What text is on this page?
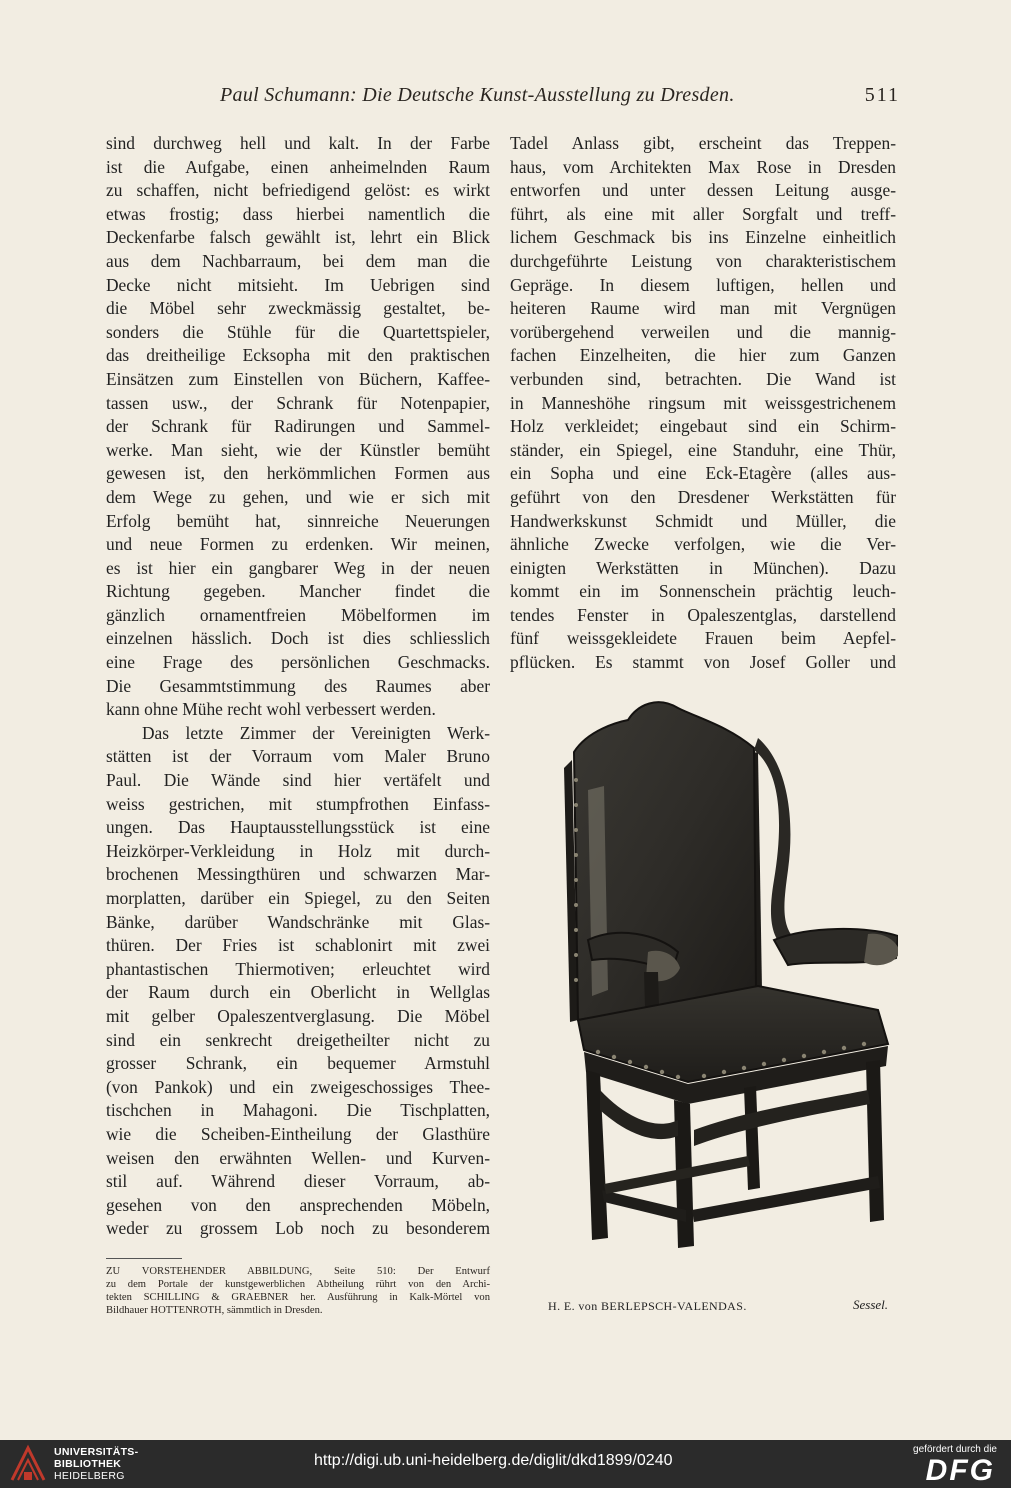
Paul Schumann: Die Deutsche Kunst-Ausstellung zu Dresden.	511
sind durchweg hell und kalt. In der Farbe
ist die Aufgabe, einen anheimelnden Raum
zu schaffen, nicht befriedigend gelöst: es wirkt
etwas frostig; dass hierbei namentlich die
Deckenfarbe falsch gewählt ist, lehrt ein Blick
aus dem Nachbarraum, bei dem man die
Decke nicht mitsieht. Im Uebrigen sind
die Möbel sehr zweckmässig gestaltet, be-
sonders die Stühle für die Quartettspieler,
das dreitheilige Ecksopha mit den praktischen
Einsätzen zum Einstellen von Büchern, Kaffee-
tassen usw., der Schrank für Notenpapier,
der Schrank für Radirungen und Sammel-
werke. Man sieht, wie der Künstler bemüht
gewesen ist, den herkömmlichen Formen aus
dem Wege zu gehen, und wie er sich mit
Erfolg bemüht hat, sinnreiche Neuerungen
und neue Formen zu erdenken. Wir meinen,
es ist hier ein gangbarer Weg in der neuen
Richtung gegeben. Mancher findet die
gänzlich ornamentfreien Möbelformen im
einzelnen hässlich. Doch ist dies schliesslich
eine Frage des persönlichen Geschmacks.
Die Gesammtstimmung des Raumes aber
kann ohne Mühe recht wohl verbessert werden.
Das letzte Zimmer der Vereinigten Werk-
stätten ist der Vorraum vom Maler Bruno
Paul. Die Wände sind hier vertäfelt und
weiss gestrichen, mit stumpfrothen Einfass-
ungen. Das Hauptausstellungsstück ist eine
Heizkörper-Verkleidung in Holz mit durch-
brochenen Messingthüren und schwarzen Mar-
morplatten, darüber ein Spiegel, zu den Seiten
Bänke, darüber Wandschränke mit Glas-
thüren. Der Fries ist schablonirt mit zwei
phantastischen Thiermotiven; erleuchtet wird
der Raum durch ein Oberlicht in Wellglas
mit gelber Opaleszentverglasung. Die Möbel
sind ein senkrecht dreigetheilter nicht zu
grosser Schrank, ein bequemer Armstuhl
(von Pankok) und ein zweigeschossiges Thee-
tischchen in Mahagoni. Die Tischplatten,
wie die Scheiben-Eintheilung der Glasthüre
weisen den erwähnten Wellen- und Kurven-
stil auf. Während dieser Vorraum, ab-
gesehen von den ansprechenden Möbeln,
weder zu grossem Lob noch zu besonderem
Tadel Anlass gibt, erscheint das Treppen-
haus, vom Architekten Max Rose in Dresden
entworfen und unter dessen Leitung ausge-
führt, als eine mit aller Sorgfalt und treff-
lichem Geschmack bis ins Einzelne einheitlich
durchgeführte Leistung von charakteristischem
Gepräge. In diesem luftigen, hellen und
heiteren Raume wird man mit Vergnügen
vorübergehend verweilen und die mannig-
fachen Einzelheiten, die hier zum Ganzen
verbunden sind, betrachten. Die Wand ist
in Manneshöhe ringsum mit weissgestrichenem
Holz verkleidet; eingebaut sind ein Schirm-
ständer, ein Spiegel, eine Standuhr, eine Thür,
ein Sopha und eine Eck-Etagère (alles aus-
geführt von den Dresdener Werkstätten für
Handwerkskunst Schmidt und Müller, die
ähnliche Zwecke verfolgen, wie die Ver-
einigten Werkstätten in München). Dazu
kommt ein im Sonnenschein prächtig leuch-
tendes Fenster in Opaleszentglas, darstellend
fünf weissgekleidete Frauen beim Aepfel-
pflücken. Es stammt von Josef Goller und
ZU VORSTEHENDER ABBILDUNG, Seite 510: Der Entwurf
zu dem Portale der kunstgewerblichen Abtheilung rührt von den Archi-
tekten SCHILLING & GRAEBNER her. Ausführung in Kalk-Mörtel von
Bildhauer HOTTENROTH, sämmtlich in Dresden.	H. E. von BERLEPSCH-VALENDAS.	Sessel.
UNIVERSITÄTS-
BIBLIOTHEK
HEIDELBERG
http://digi.ub.uni-heidelberg.de/diglit/dkd1899/0240
gefördert durch die
DFG
